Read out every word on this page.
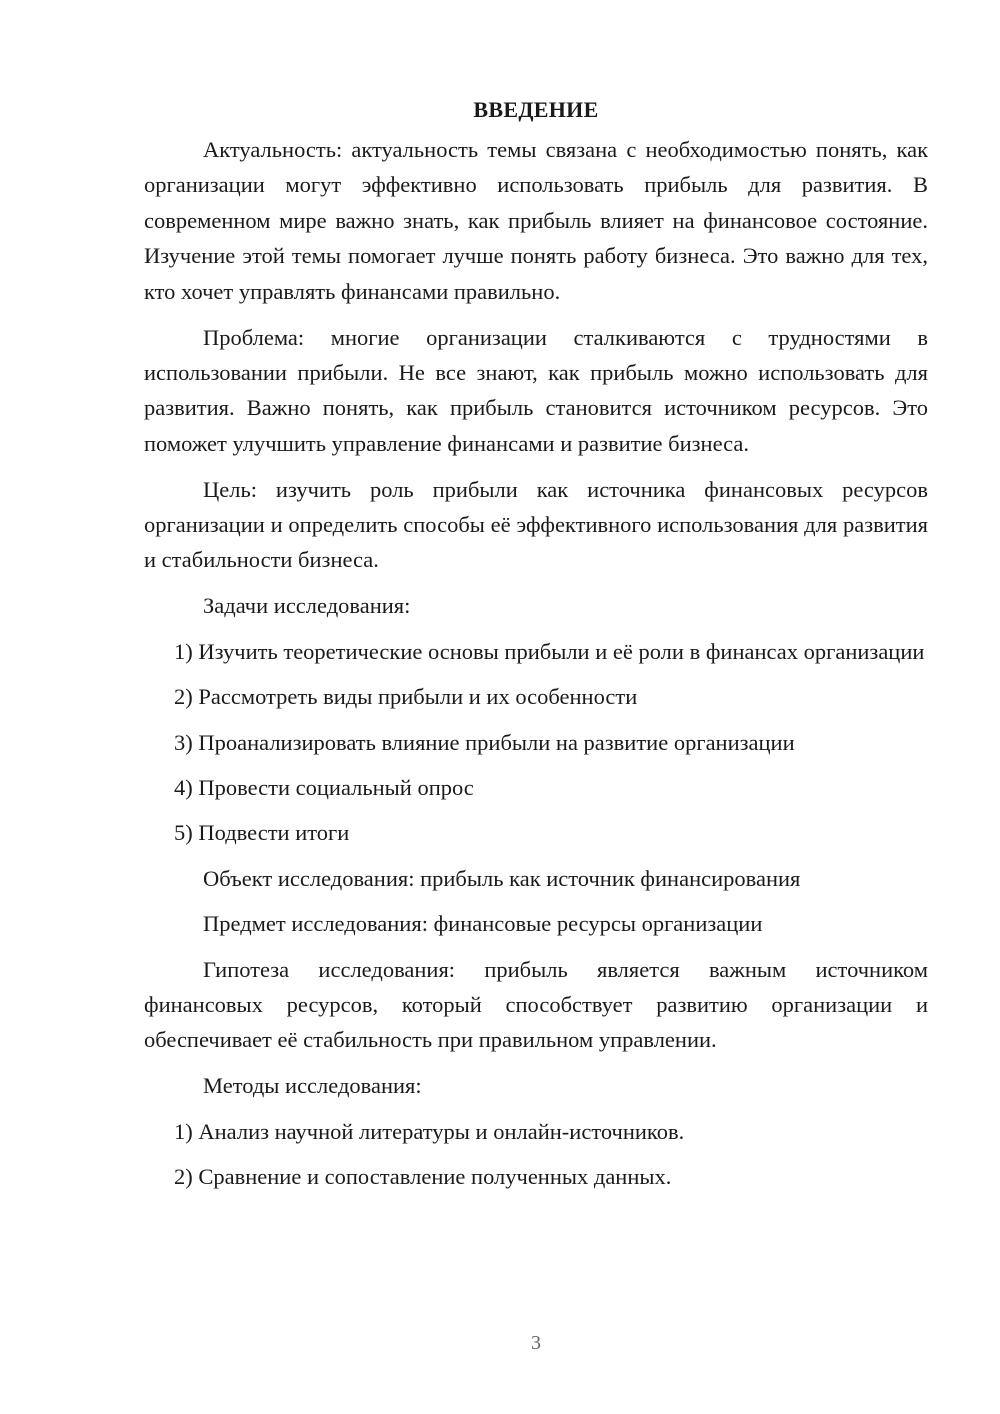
ВВЕДЕНИЕ

Актуальность: актуальность темы связана с необходимостью понять, как организации могут эффективно использовать прибыль для развития. В современном мире важно знать, как прибыль влияет на финансовое состояние. Изучение этой темы помогает лучше понять работу бизнеса. Это важно для тех, кто хочет управлять финансами правильно.

Проблема: многие организации сталкиваются с трудностями в использовании прибыли. Не все знают, как прибыль можно использовать для развития. Важно понять, как прибыль становится источником ресурсов. Это поможет улучшить управление финансами и развитие бизнеса.

Цель: изучить роль прибыли как источника финансовых ресурсов организации и определить способы её эффективного использования для развития и стабильности бизнеса.

Задачи исследования:

1) Изучить теоретические основы прибыли и её роли в финансах организации

2) Рассмотреть виды прибыли и их особенности

3) Проанализировать влияние прибыли на развитие организации

4) Провести социальный опрос

5) Подвести итоги

Объект исследования: прибыль как источник финансирования

Предмет исследования: финансовые ресурсы организации

Гипотеза исследования: прибыль является важным источником финансовых ресурсов, который способствует развитию организации и обеспечивает её стабильность при правильном управлении.

Методы исследования:

1) Анализ научной литературы и онлайн-источников.

2) Сравнение и сопоставление полученных данных.

3
